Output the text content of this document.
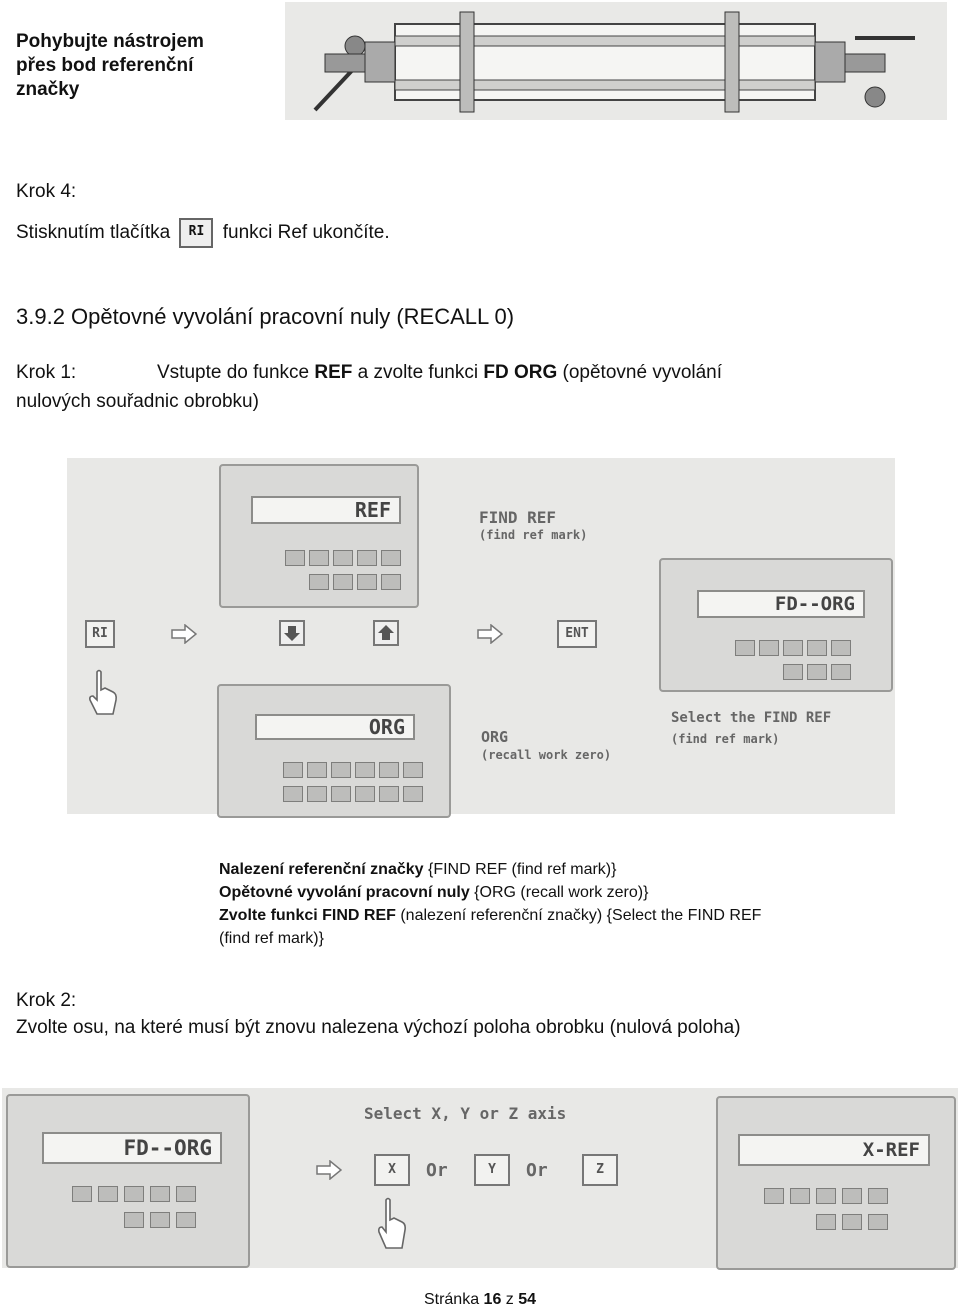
Pohybujte nástrojem
přes bod referenční
značky
Krok 4:
Stisknutím tlačítka RI funkci Ref ukončíte.
3.9.2 Opětovné vyvolání pracovní nuly (RECALL 0)
Krok 1:	Vstupte do funkce REF a zvolte funkci FD ORG (opětovné vyvolání
nulových souřadnic obrobku)
REF	FIND REF
(find ref mark)
FD--ORG
RI	ENT
ORG	ORG
(recall work zero)
Select the FIND REF
(find ref mark)
Nalezení referenční značky {FIND REF (find ref mark)}
Opětovné vyvolání pracovní nuly {ORG (recall work zero)}
Zvolte funkci FIND REF (nalezení referenční značky) {Select the FIND REF
(find ref mark)}
Krok 2:
Zvolte osu, na které musí být znovu nalezena výchozí poloha obrobku (nulová poloha)
FD--ORG
Select X, Y or Z axis
X	Or	Y	Or	Z
X-REF
Stránka 16 z 54
